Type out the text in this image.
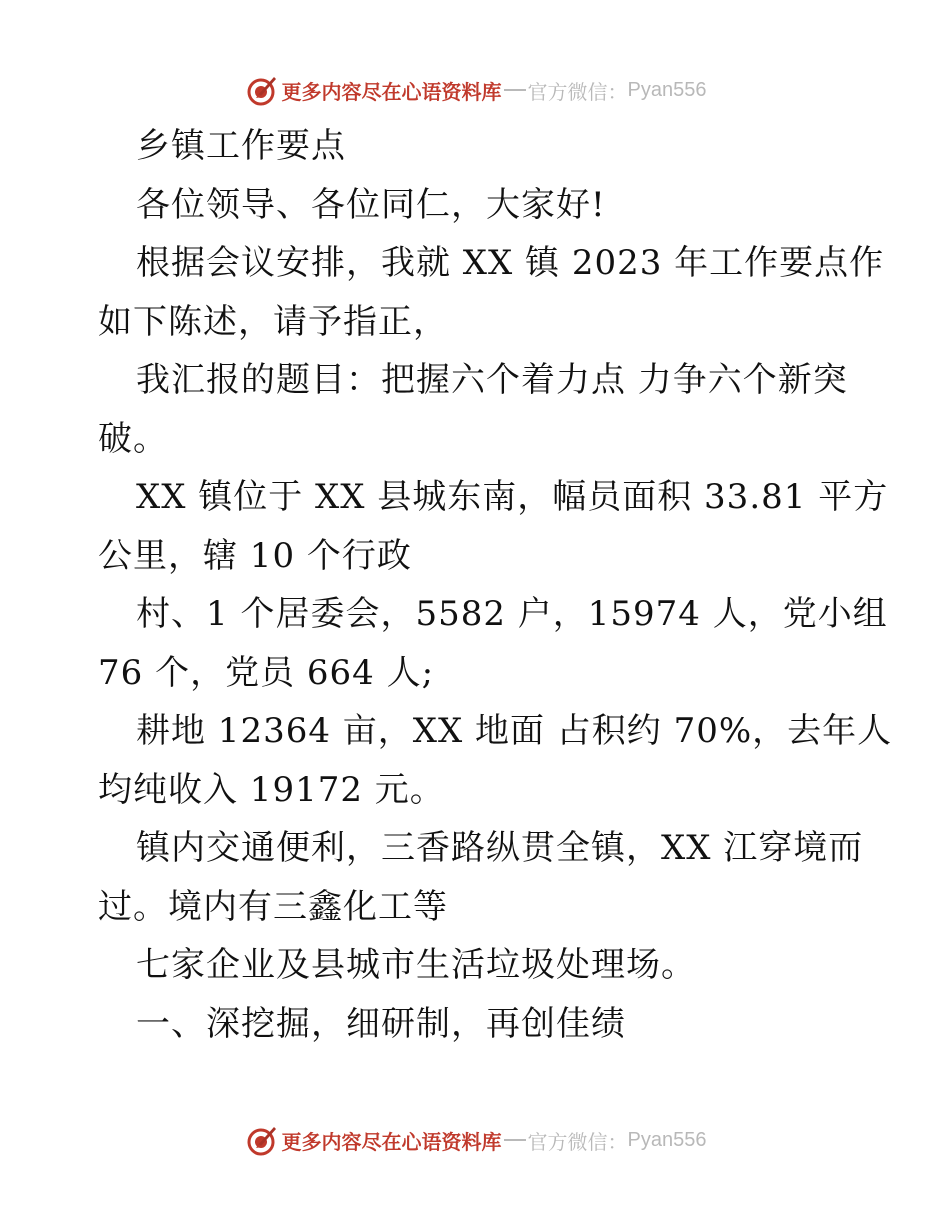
更多内容尽在心语资料库 官方微信： Pyan556
乡镇工作要点
各位领导、各位同仁，大家好!
根据会议安排，我就 XX 镇 2023 年工作要点作
如下陈述，请予指正，
我汇报的题目：把握六个着力点 力争六个新突
破。
XX 镇位于 XX 县城东南，幅员面积 33.81 平方
公里，辖 10 个行政
村、1 个居委会，5582 户，15974 人，党小组
76 个，党员 664 人;
耕地 12364 亩，XX 地面 占积约 70%，去年人
均纯收入 19172 元。
镇内交通便利，三香路纵贯全镇，XX 江穿境而
过。境内有三鑫化工等
七家企业及县城市生活垃圾处理场。
一、深挖掘，细研制，再创佳绩
更多内容尽在心语资料库 官方微信： Pyan556
